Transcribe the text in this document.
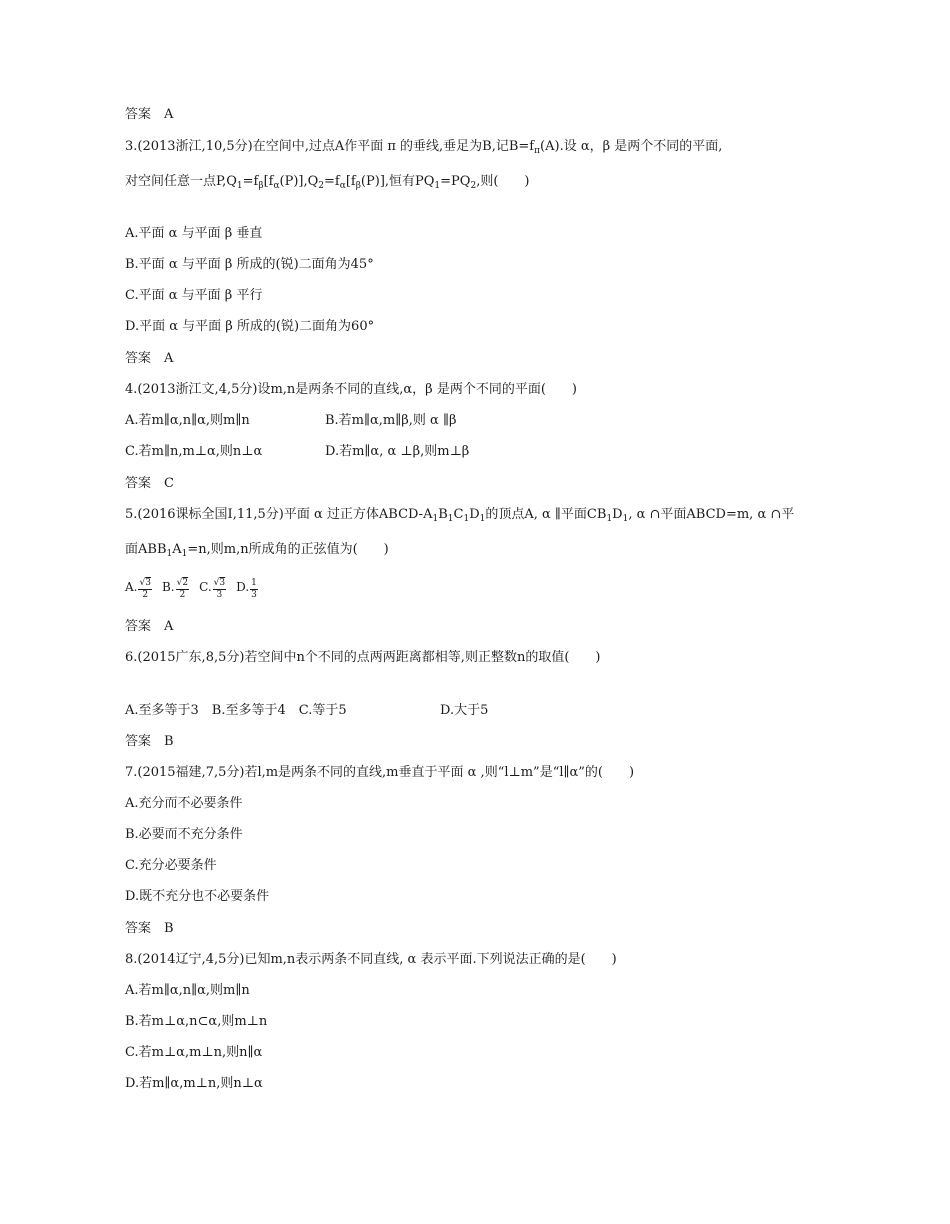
答案　A
3.(2013浙江,10,5分)在空间中,过点A作平面 π 的垂线,垂足为B,记$B=f_\pi(A)$.设 α，β 是两个不同的平面,
对空间任意一点$P,Q_1=f_\beta[f_\alpha(P)],Q_2=f_\alpha[f_\beta(P)]$,恒有$PQ_1=PQ_2$,则(　　)
A.平面 α 与平面 β 垂直
B.平面 α 与平面 β 所成的(锐)二面角为45°
C.平面 α 与平面 β 平行
D.平面 α 与平面 β 所成的(锐)二面角为60°
答案　A
4.(2013浙江文,4,5分)设m,n是两条不同的直线,α，β 是两个不同的平面(　　)
A.若m∥α,n∥α,则m∥n	B.若m∥α,m∥β,则 α ∥β
C.若m∥n,m⊥α,则n⊥α	D.若m∥α, α ⊥β,则m⊥β
答案　C
5.(2016课标全国Ⅰ,11,5分)平面 α 过正方体ABCD-$A_1B_1C_1D_1$的顶点A, α ∥平面$CB_1D_1$, α ∩平面ABCD=m, α ∩平
面$ABB_1A_1=n$,则m,n所成角的正弦值为(　　)
A. √ $\frac{3}{2} B$. √ $\frac{2}{2} C$. √ $\frac{3}{3} D$. $\frac{1}{3}$
答案　A
6.(2015广东,8,5分)若空间中n个不同的点两两距离都相等,则正整数n的取值(　　)
A.至多等于3　B.至多等于4　C.等于5	D.大于5
答案　B
7.(2015福建,7,5分)若l,m是两条不同的直线,m垂直于平面 α ,则“l⊥m”是“l∥α”的(　　)
A.充分而不必要条件
B.必要而不充分条件
C.充分必要条件
D.既不充分也不必要条件
答案　B
8.(2014辽宁,4,5分)已知m,n表示两条不同直线, α 表示平面.下列说法正确的是(　　)
A.若m∥α,n∥α,则m∥n
B.若m⊥α,n⊂α,则m⊥n
C.若m⊥α,m⊥n,则n∥α
D.若m∥α,m⊥n,则n⊥α
